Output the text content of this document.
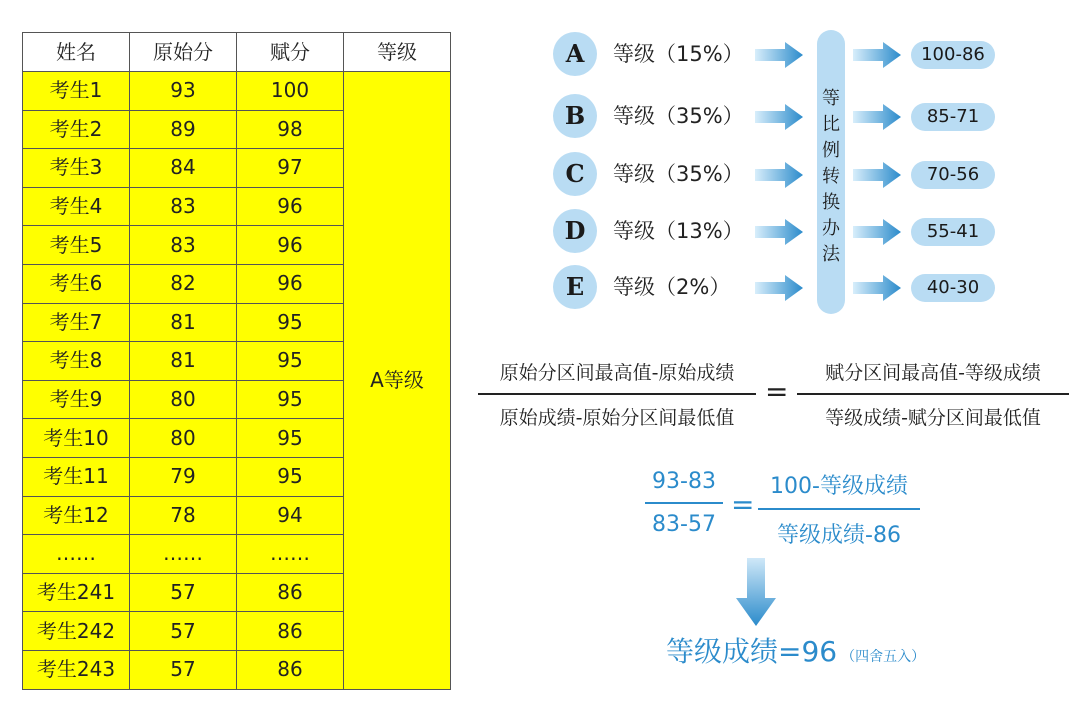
姓名	原始分	赋分	等级
考生1	93	100	A等级
考生2	89	98	
考生3	84	97	
考生4	83	96	
考生5	83	96	
考生6	82	96	
考生7	81	95	
考生8	81	95	
考生9	80	95	
考生10	80	95	
考生11	79	95	
考生12	78	94	
……	……	……	
考生241	57	86	
考生242	57	86	
考生243	57	86	
A	等级（15%）	100-86
B	等级（35%）	85-71
C	等级（35%）	70-56
D	等级（13%）	55-41
E	等级（2%）	40-30
等比例转换办法
原始分区间最高值-原始成绩
原始成绩-原始分区间最低值
=
赋分区间最高值-等级成绩
等级成绩-赋分区间最低值
93-83
83-57
=
100-等级成绩
等级成绩-86
等级成绩=96 （四舍五入）
